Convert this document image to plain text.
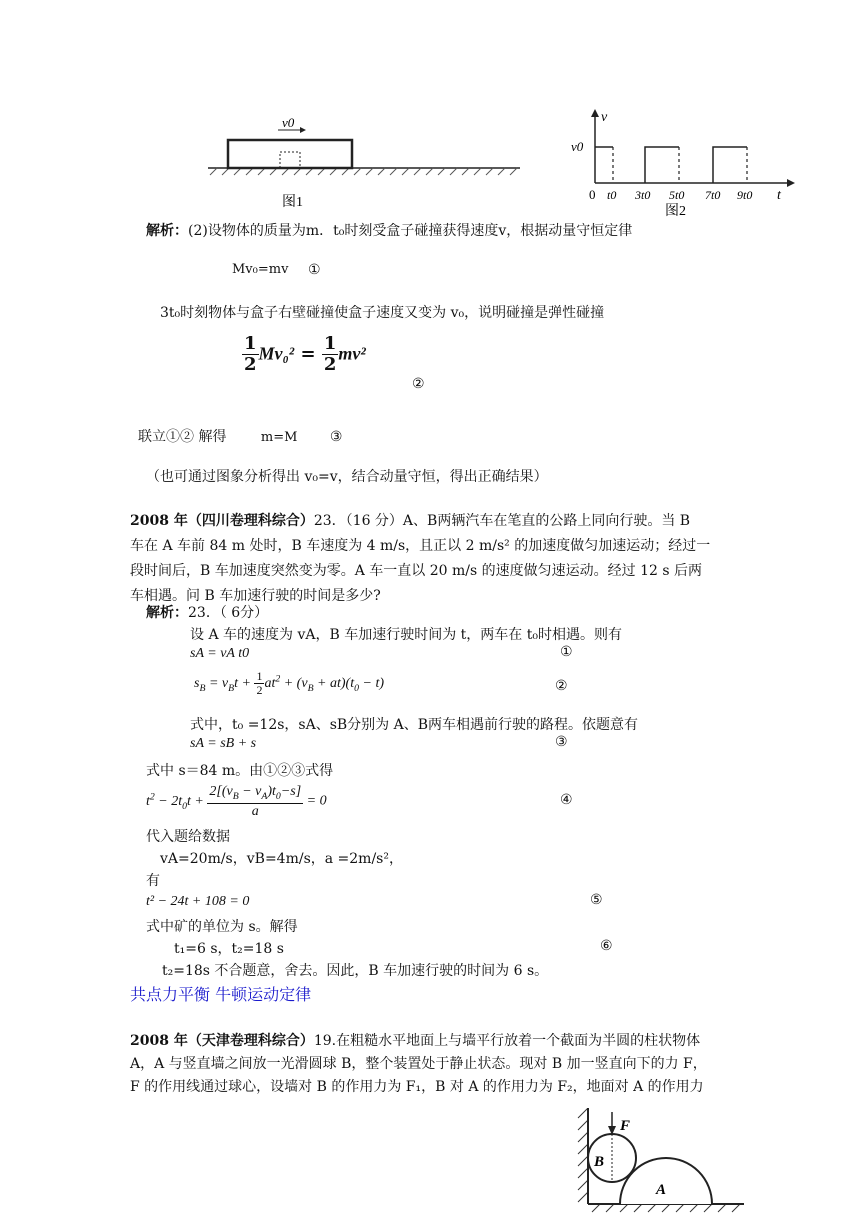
v0
图1
v
v0
0	t
t0 3t0 5t0 7t0 9t0
图2
解析：(2)设物体的质量为m．t₀时刻受盒子碰撞获得速度v，根据动量守恒定律
Mv₀=mv ①
3t₀时刻物体与盒子右壁碰撞使盒子速度又变为 v₀，说明碰撞是弹性碰撞
$\frac{1}{2} Mv_0^2 = \frac{1}{2} mv^2$
②
联立①② 解得	m=M ③
（也可通过图象分析得出 v₀=v，结合动量守恒，得出正确结果）
2008 年（四川卷理科综合）23．（16 分）A、B两辆汽车在笔直的公路上同向行驶。当 B
车在 A 车前 84 m 处时，B 车速度为 4 m/s，且正以 2 m/s² 的加速度做匀加速运动；经过一
段时间后，B 车加速度突然变为零。A 车一直以 20 m/s 的速度做匀速运动。经过 12 s 后两
车相遇。问 B 车加速行驶的时间是多少?
解析：23．（ 6分）
设 A 车的速度为 vA，B 车加速行驶时间为 t，两车在 t₀时相遇。则有
sA = vA t0	①
$s_B = v_Bt + \frac{1}{2} at^2 + (v_B + at)(t_0 - t)$	②
式中，t₀ =12s，sA、sB分别为 A、B两车相遇前行驶的路程。依题意有
sA = sB + s	③
式中 s＝84 m。由①②③式得
$t^2 - 2t_0t + \frac{2[(v_B - v_A)t_0-s]}{a} = 0$	④
代入题给数据
vA=20m/s，vB=4m/s，a =2m/s²，
有
t² − 24t + 108 = 0	⑤
式中矿的单位为 s。解得
t₁=6 s，t₂=18 s	⑥
t₂=18s 不合题意，舍去。因此，B 车加速行驶的时间为 6 s。
共点力平衡 牛顿运动定律
2008 年（天津卷理科综合）19.在粗糙水平地面上与墙平行放着一个截面为半圆的柱状物体
A，A 与竖直墙之间放一光滑圆球 B，整个装置处于静止状态。现对 B 加一竖直向下的力 F，
F 的作用线通过球心，设墙对 B 的作用力为 F₁，B 对 A 的作用力为 F₂，地面对 A 的作用力
F
B
A
